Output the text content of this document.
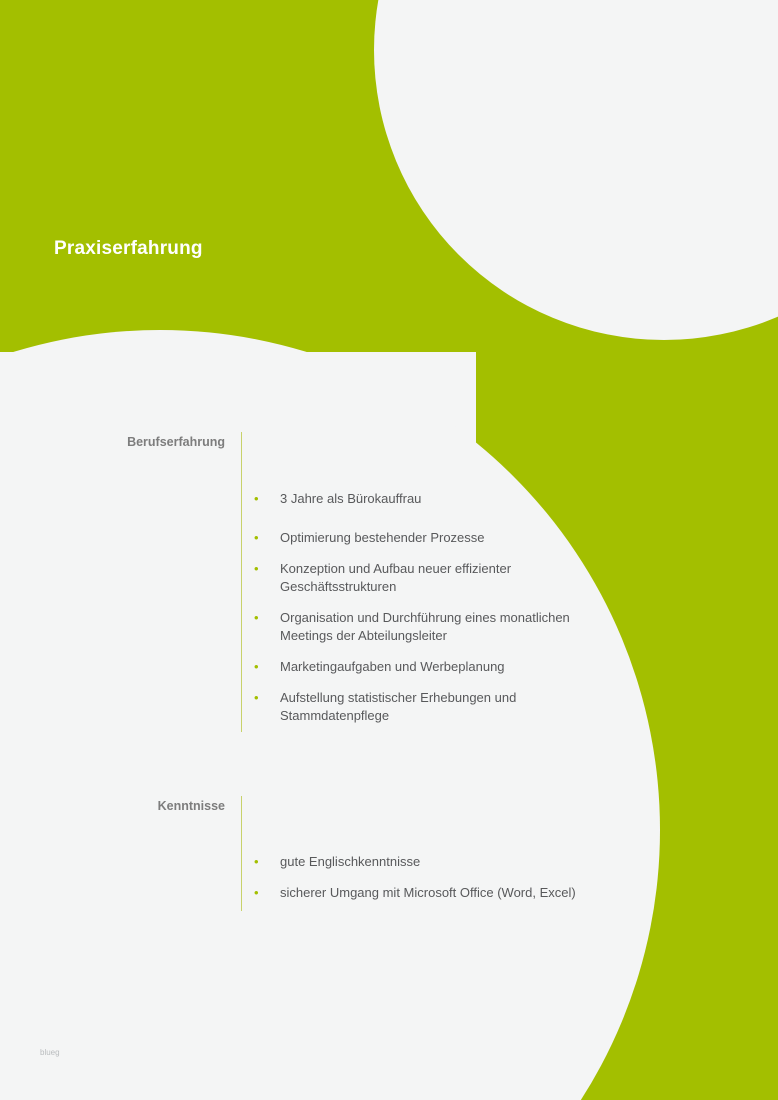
Praxiserfahrung
Berufserfahrung
•	3 Jahre als Bürokauffrau
•	Optimierung bestehender Prozesse
•	Konzeption und Aufbau neuer effizienter Geschäftsstrukturen
•	Organisation und Durchführung eines monatlichen Meetings der Abteilungsleiter
•	Marketingaufgaben und Werbeplanung
•	Aufstellung statistischer Erhebungen und Stammdatenpflege
Kenntnisse
•	gute Englischkenntnisse
•	sicherer Umgang mit Microsoft Office (Word, Excel)
blueg
